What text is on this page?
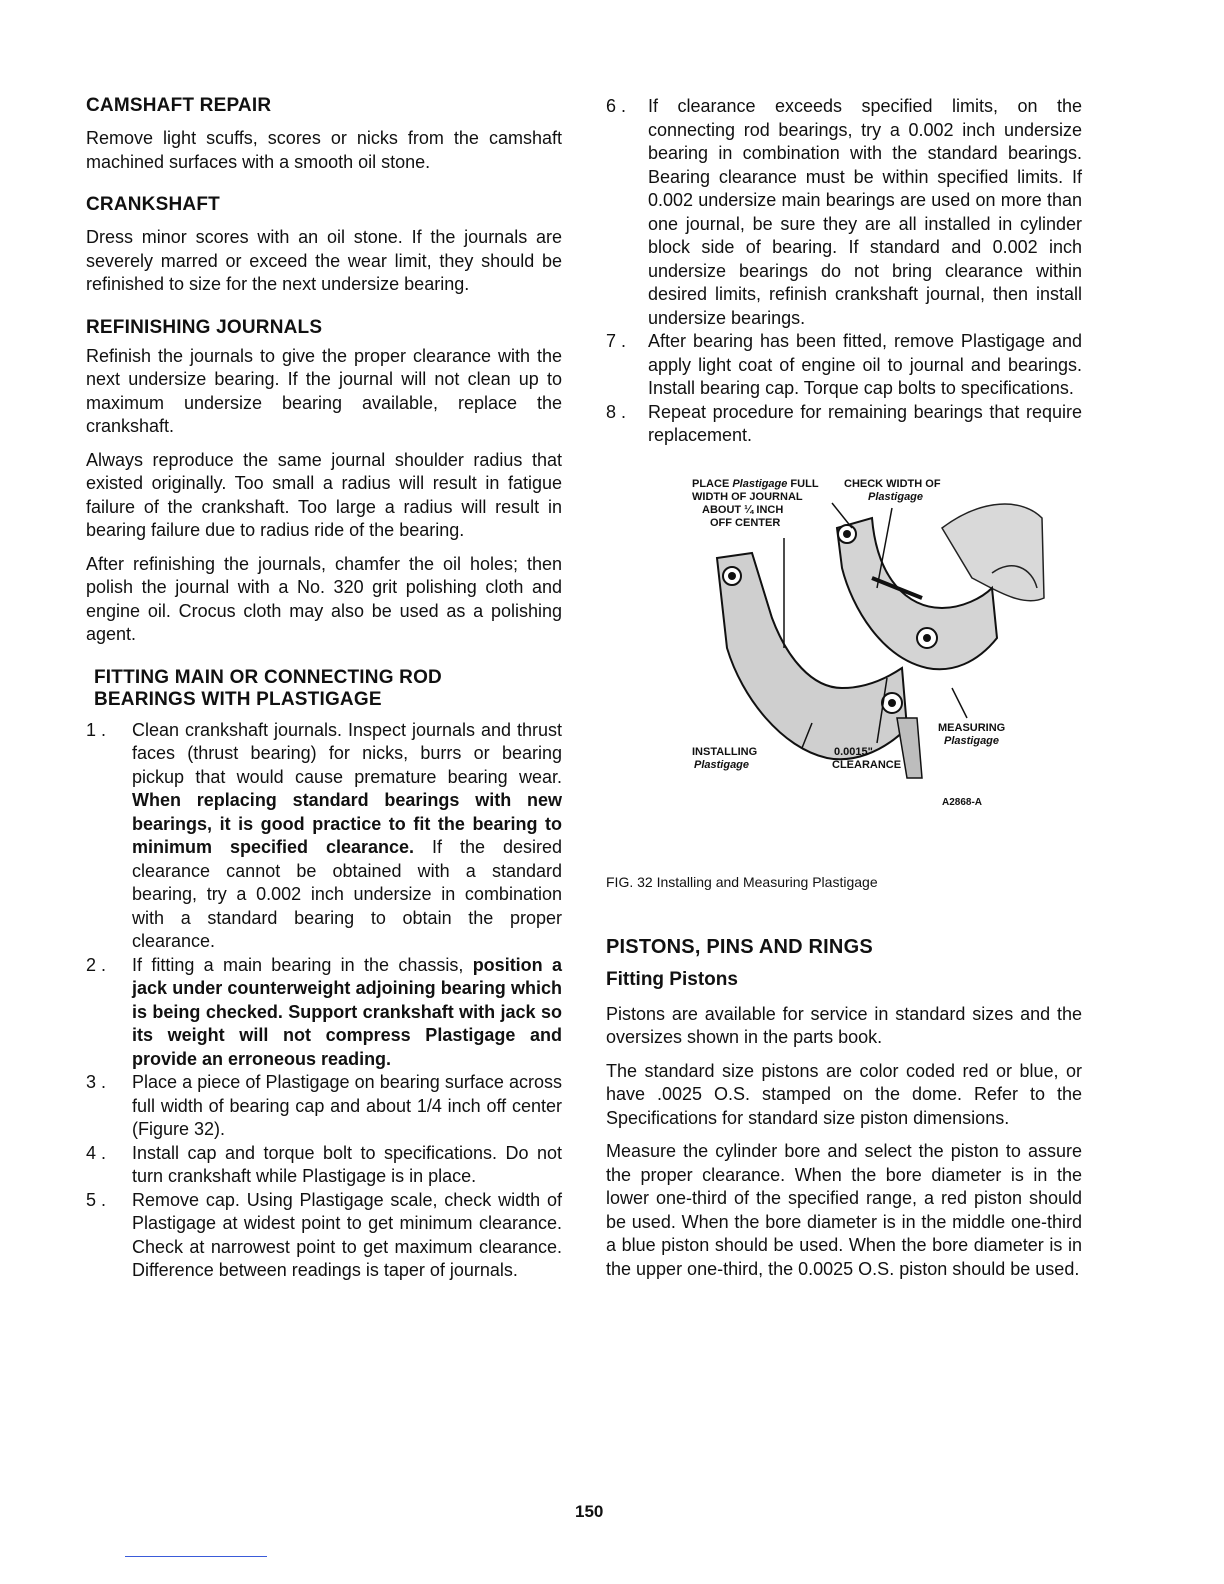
CAMSHAFT REPAIR

Remove light scuffs, scores or nicks from the camshaft machined surfaces with a smooth oil stone.

CRANKSHAFT

Dress minor scores with an oil stone. If the journals are severely marred or exceed the wear limit, they should be refinished to size for the next undersize bearing.

REFINISHING JOURNALS

Refinish the journals to give the proper clearance with the next undersize bearing. If the journal will not clean up to maximum undersize bearing available, replace the crankshaft.

Always reproduce the same journal shoulder radius that existed originally. Too small a radius will result in fatigue failure of the crankshaft. Too large a radius will result in bearing failure due to radius ride of the bearing.

After refinishing the journals, chamfer the oil holes; then polish the journal with a No. 320 grit polishing cloth and engine oil. Crocus cloth may also be used as a polishing agent.

FITTING MAIN OR CONNECTING ROD
BEARINGS WITH PLASTIGAGE
1 .	Clean crankshaft journals. Inspect journals and thrust faces (thrust bearing) for nicks, burrs or bearing pickup that would cause premature bearing wear. When replacing standard bearings with new bearings, it is good practice to fit the bearing to minimum specified clearance. If the desired clearance cannot be obtained with a standard bearing, try a 0.002 inch undersize in combination with a standard bearing to obtain the proper clearance.
2 .	If fitting a main bearing in the chassis, position a jack under counterweight adjoining bearing which is being checked. Support crankshaft with jack so its weight will not compress Plastigage and provide an erroneous reading.
3 .	Place a piece of Plastigage on bearing surface across full width of bearing cap and about 1/4 inch off center (Figure 32).
4 .	Install cap and torque bolt to specifications. Do not turn crankshaft while Plastigage is in place.
5 .	Remove cap. Using Plastigage scale, check width of Plastigage at widest point to get minimum clearance. Check at narrowest point to get maximum clearance. Difference between readings is taper of journals.
6 .	If clearance exceeds specified limits, on the connecting rod bearings, try a 0.002 inch undersize bearing in combination with the standard bearings. Bearing clearance must be within specified limits. If 0.002 undersize main bearings are used on more than one journal, be sure they are all installed in cylinder block side of bearing. If standard and 0.002 inch undersize bearings do not bring clearance within desired limits, refinish crankshaft journal, then install undersize bearings.
7 .	After bearing has been fitted, remove Plastigage and apply light coat of engine oil to journal and bearings. Install bearing cap. Torque cap bolts to specifications.
8 .	Repeat procedure for remaining bearings that require replacement.
PLACE Plastigage FULL
WIDTH OF JOURNAL
ABOUT ¼ INCH
OFF CENTER
CHECK WIDTH OF
Plastigage
MEASURING
Plastigage
INSTALLING
Plastigage
0.0015"
CLEARANCE
A2868-A
FIG. 32 Installing and Measuring Plastigage
PISTONS, PINS AND RINGS
Fitting Pistons

Pistons are available for service in standard sizes and the oversizes shown in the parts book.

The standard size pistons are color coded red or blue, or have .0025 O.S. stamped on the dome. Refer to the Specifications for standard size piston dimensions.

Measure the cylinder bore and select the piston to assure the proper clearance. When the bore diameter is in the lower one-third of the specified range, a red piston should be used. When the bore diameter is in the middle one-third a blue piston should be used. When the bore diameter is in the upper one-third, the 0.0025 O.S. piston should be used.

150
